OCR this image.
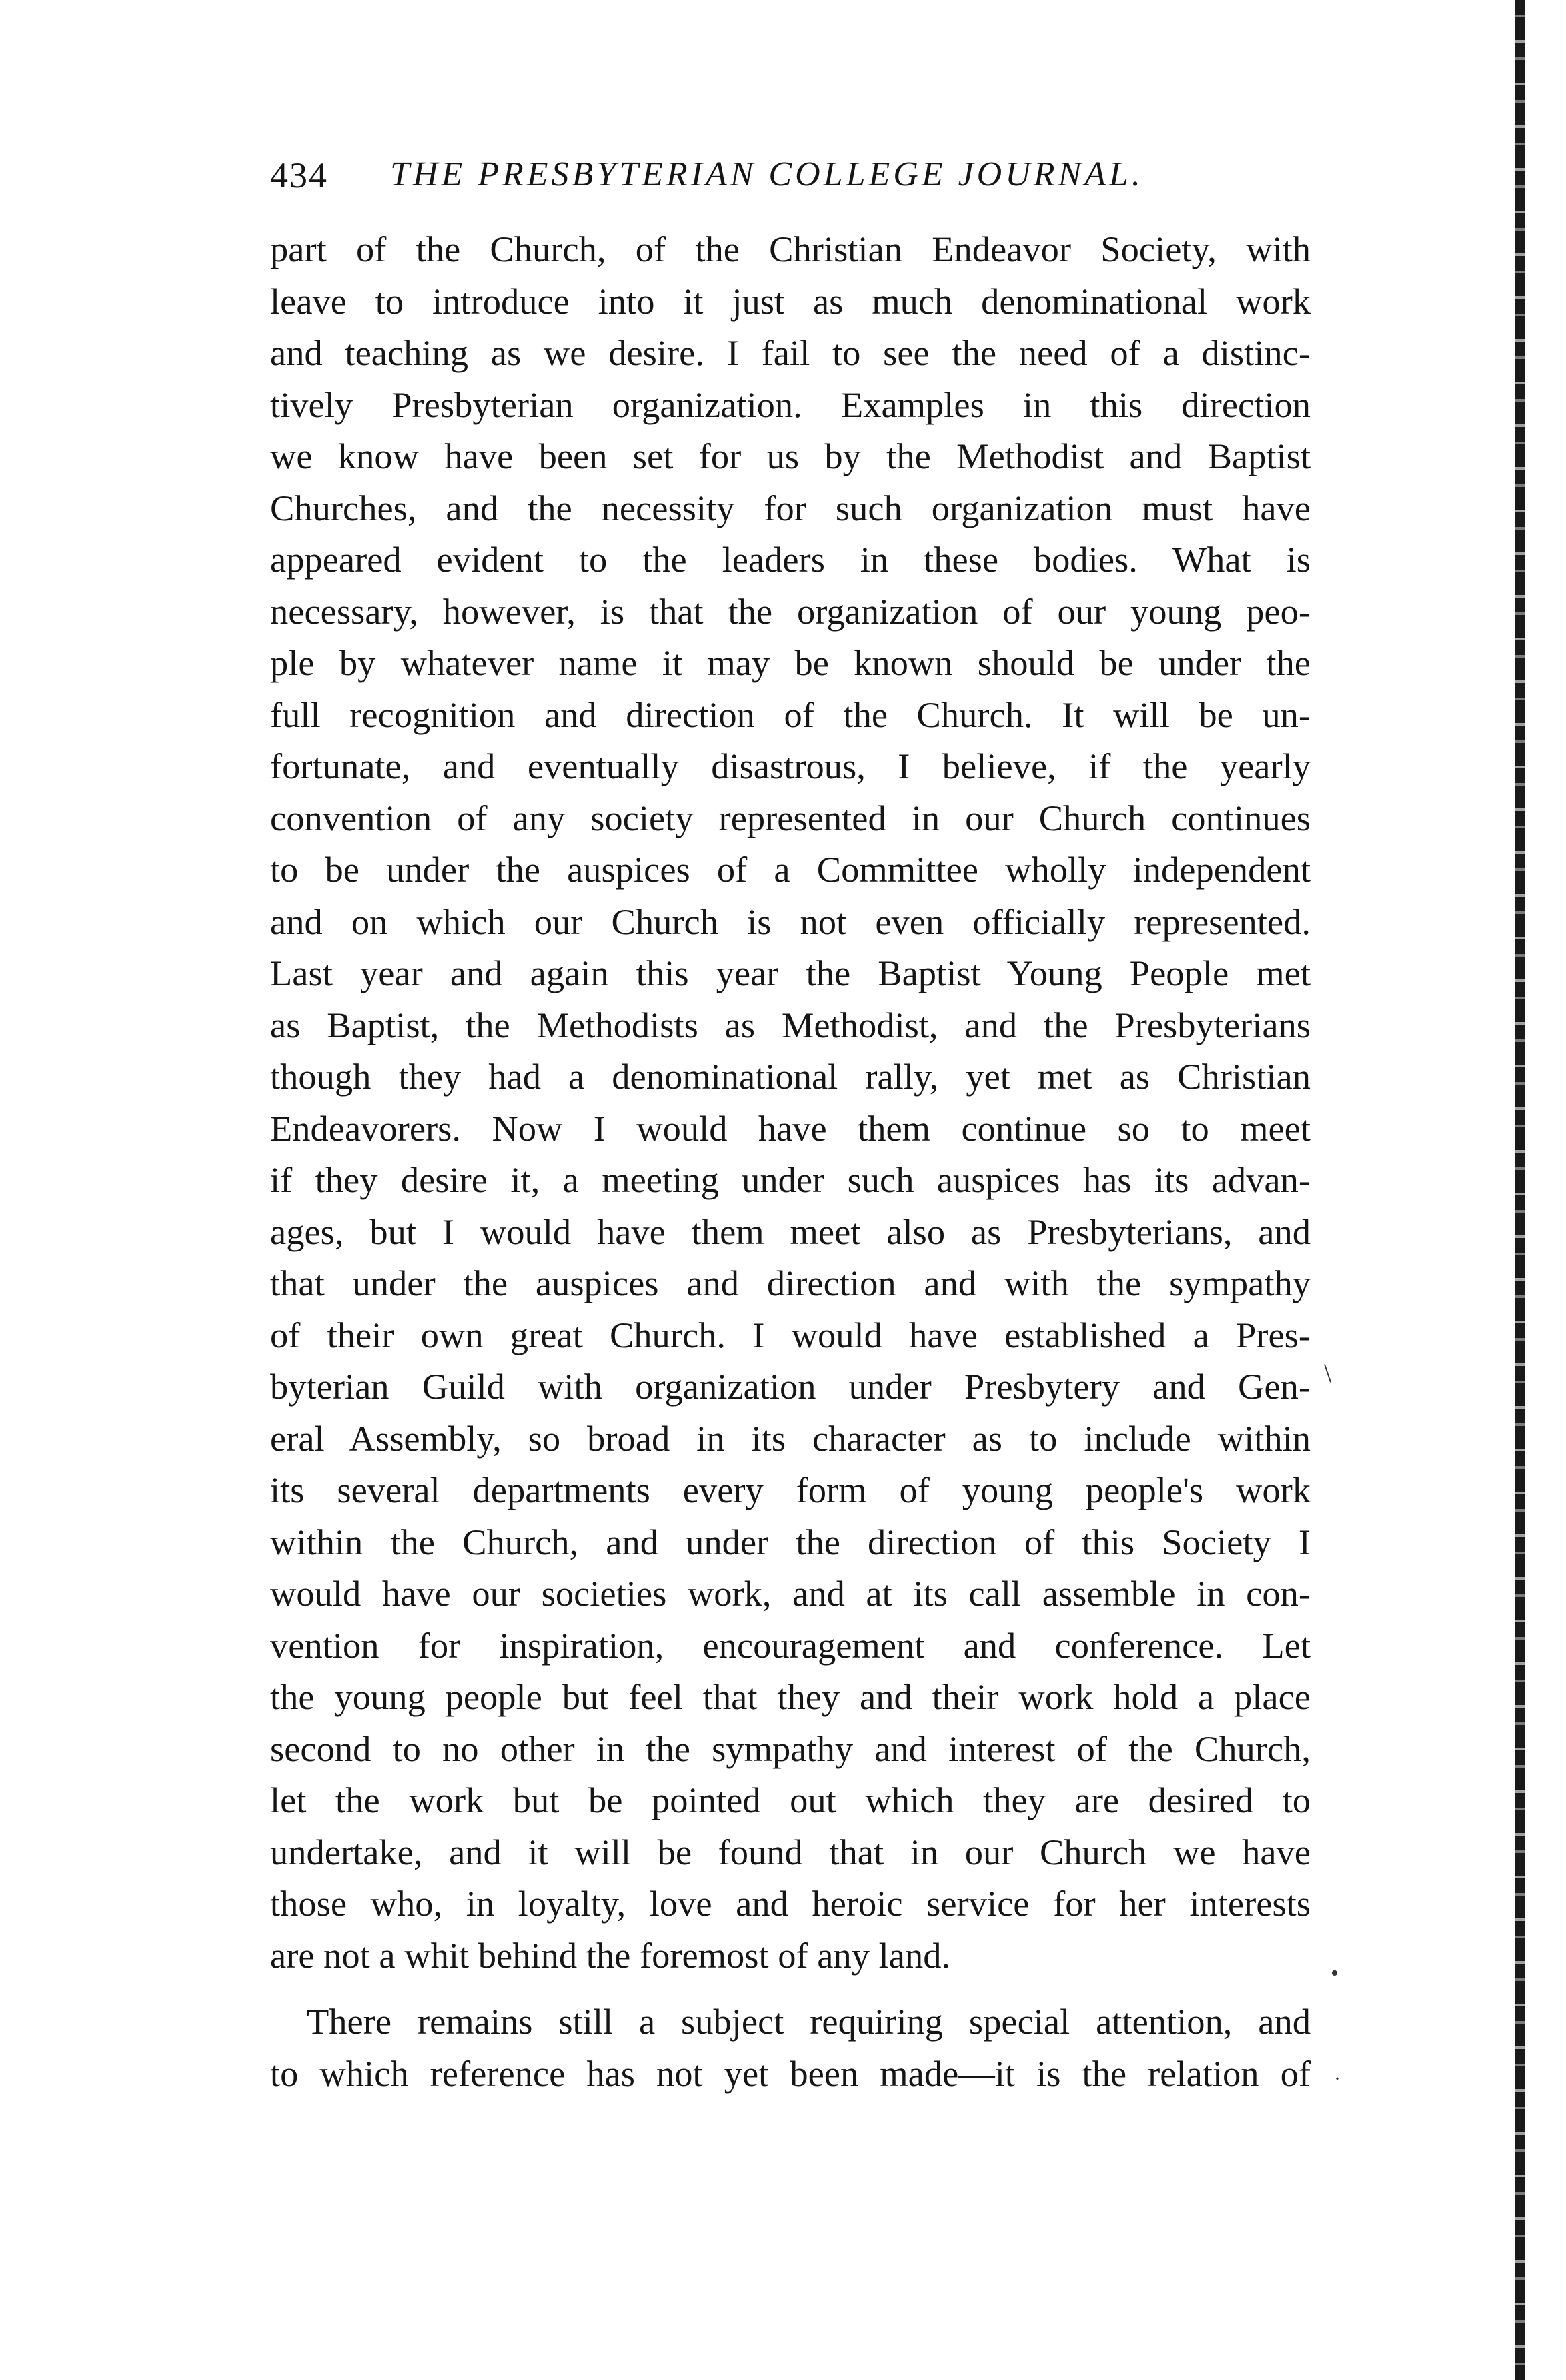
434 THE PRESBYTERIAN COLLEGE JOURNAL.
part of the Church, of the Christian Endeavor Society, with
leave to introduce into it just as much denominational work
and teaching as we desire. I fail to see the need of a distinc-
tively Presbyterian organization. Examples in this direction
we know have been set for us by the Methodist and Baptist
Churches, and the necessity for such organization must have
appeared evident to the leaders in these bodies. What is
necessary, however, is that the organization of our young peo-
ple by whatever name it may be known should be under the
full recognition and direction of the Church. It will be un-
fortunate, and eventually disastrous, I believe, if the yearly
convention of any society represented in our Church continues
to be under the auspices of a Committee wholly independent
and on which our Church is not even officially represented.
Last year and again this year the Baptist Young People met
as Baptist, the Methodists as Methodist, and the Presbyterians
though they had a denominational rally, yet met as Christian
Endeavorers. Now I would have them continue so to meet
if they desire it, a meeting under such auspices has its advan-
ages, but I would have them meet also as Presbyterians, and
that under the auspices and direction and with the sympathy
of their own great Church. I would have established a Pres-
byterian Guild with organization under Presbytery and Gen-
eral Assembly, so broad in its character as to include within
its several departments every form of young people's work
within the Church, and under the direction of this Society I
would have our societies work, and at its call assemble in con-
vention for inspiration, encouragement and conference. Let
the young people but feel that they and their work hold a place
second to no other in the sympathy and interest of the Church,
let the work but be pointed out which they are desired to
undertake, and it will be found that in our Church we have
those who, in loyalty, love and heroic service for her interests
are not a whit behind the foremost of any land.
There remains still a subject requiring special attention, and
to which reference has not yet been made—it is the relation of
\
•
·
